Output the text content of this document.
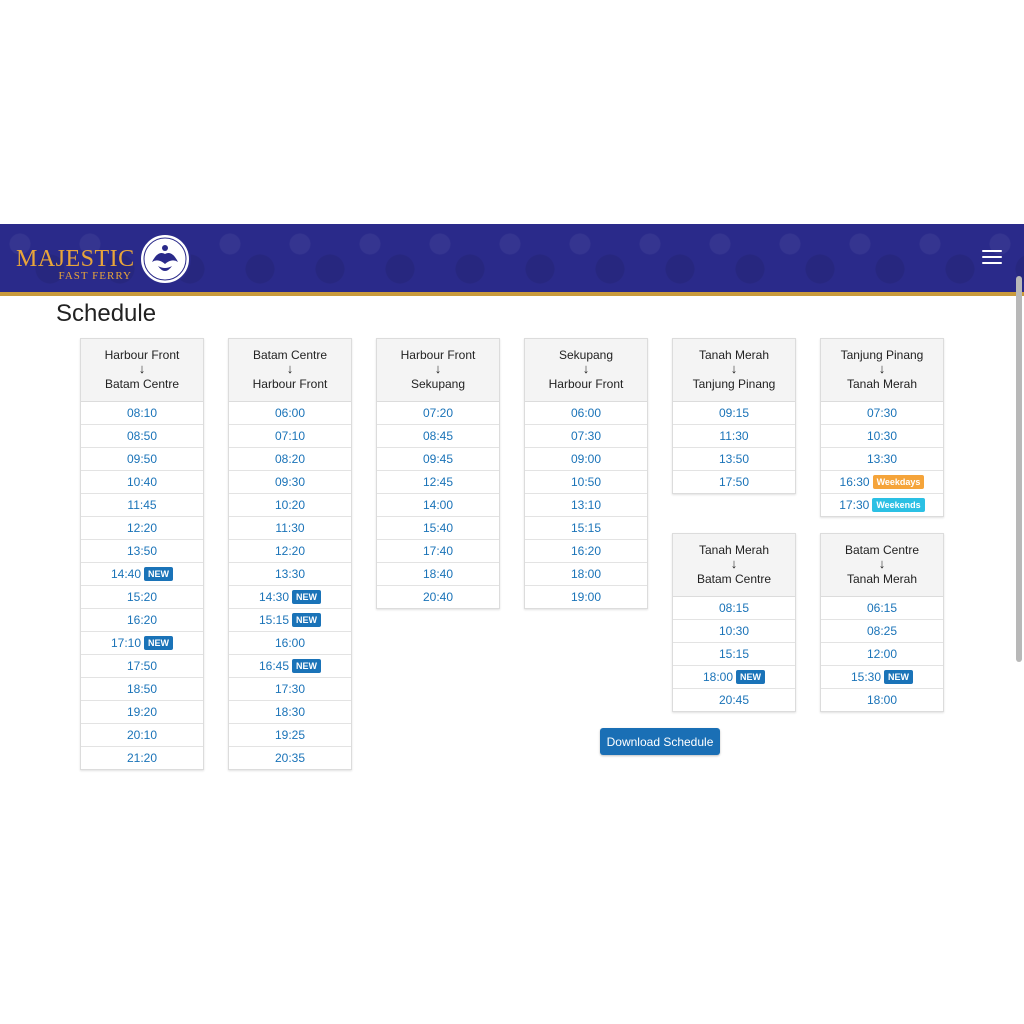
MAJESTIC
FAST FERRY
Schedule
Harbour Front
↓
Batam Centre
08:10
08:50
09:50
10:40
11:45
12:20
13:50
14:40 NEW
15:20
16:20
17:10 NEW
17:50
18:50
19:20
20:10
21:20
Batam Centre
↓
Harbour Front
06:00
07:10
08:20
09:30
10:20
11:30
12:20
13:30
14:30 NEW
15:15 NEW
16:00
16:45 NEW
17:30
18:30
19:25
20:35
Harbour Front
↓
Sekupang
07:20
08:45
09:45
12:45
14:00
15:40
17:40
18:40
20:40
Sekupang
↓
Harbour Front
06:00
07:30
09:00
10:50
13:10
15:15
16:20
18:00
19:00
Tanah Merah
↓
Tanjung Pinang
09:15
11:30
13:50
17:50
Tanjung Pinang
↓
Tanah Merah
07:30
10:30
13:30
16:30 Weekdays
17:30 Weekends
Tanah Merah
↓
Batam Centre
08:15
10:30
15:15
18:00 NEW
20:45
Batam Centre
↓
Tanah Merah
06:15
08:25
12:00
15:30 NEW
18:00
Download Schedule
